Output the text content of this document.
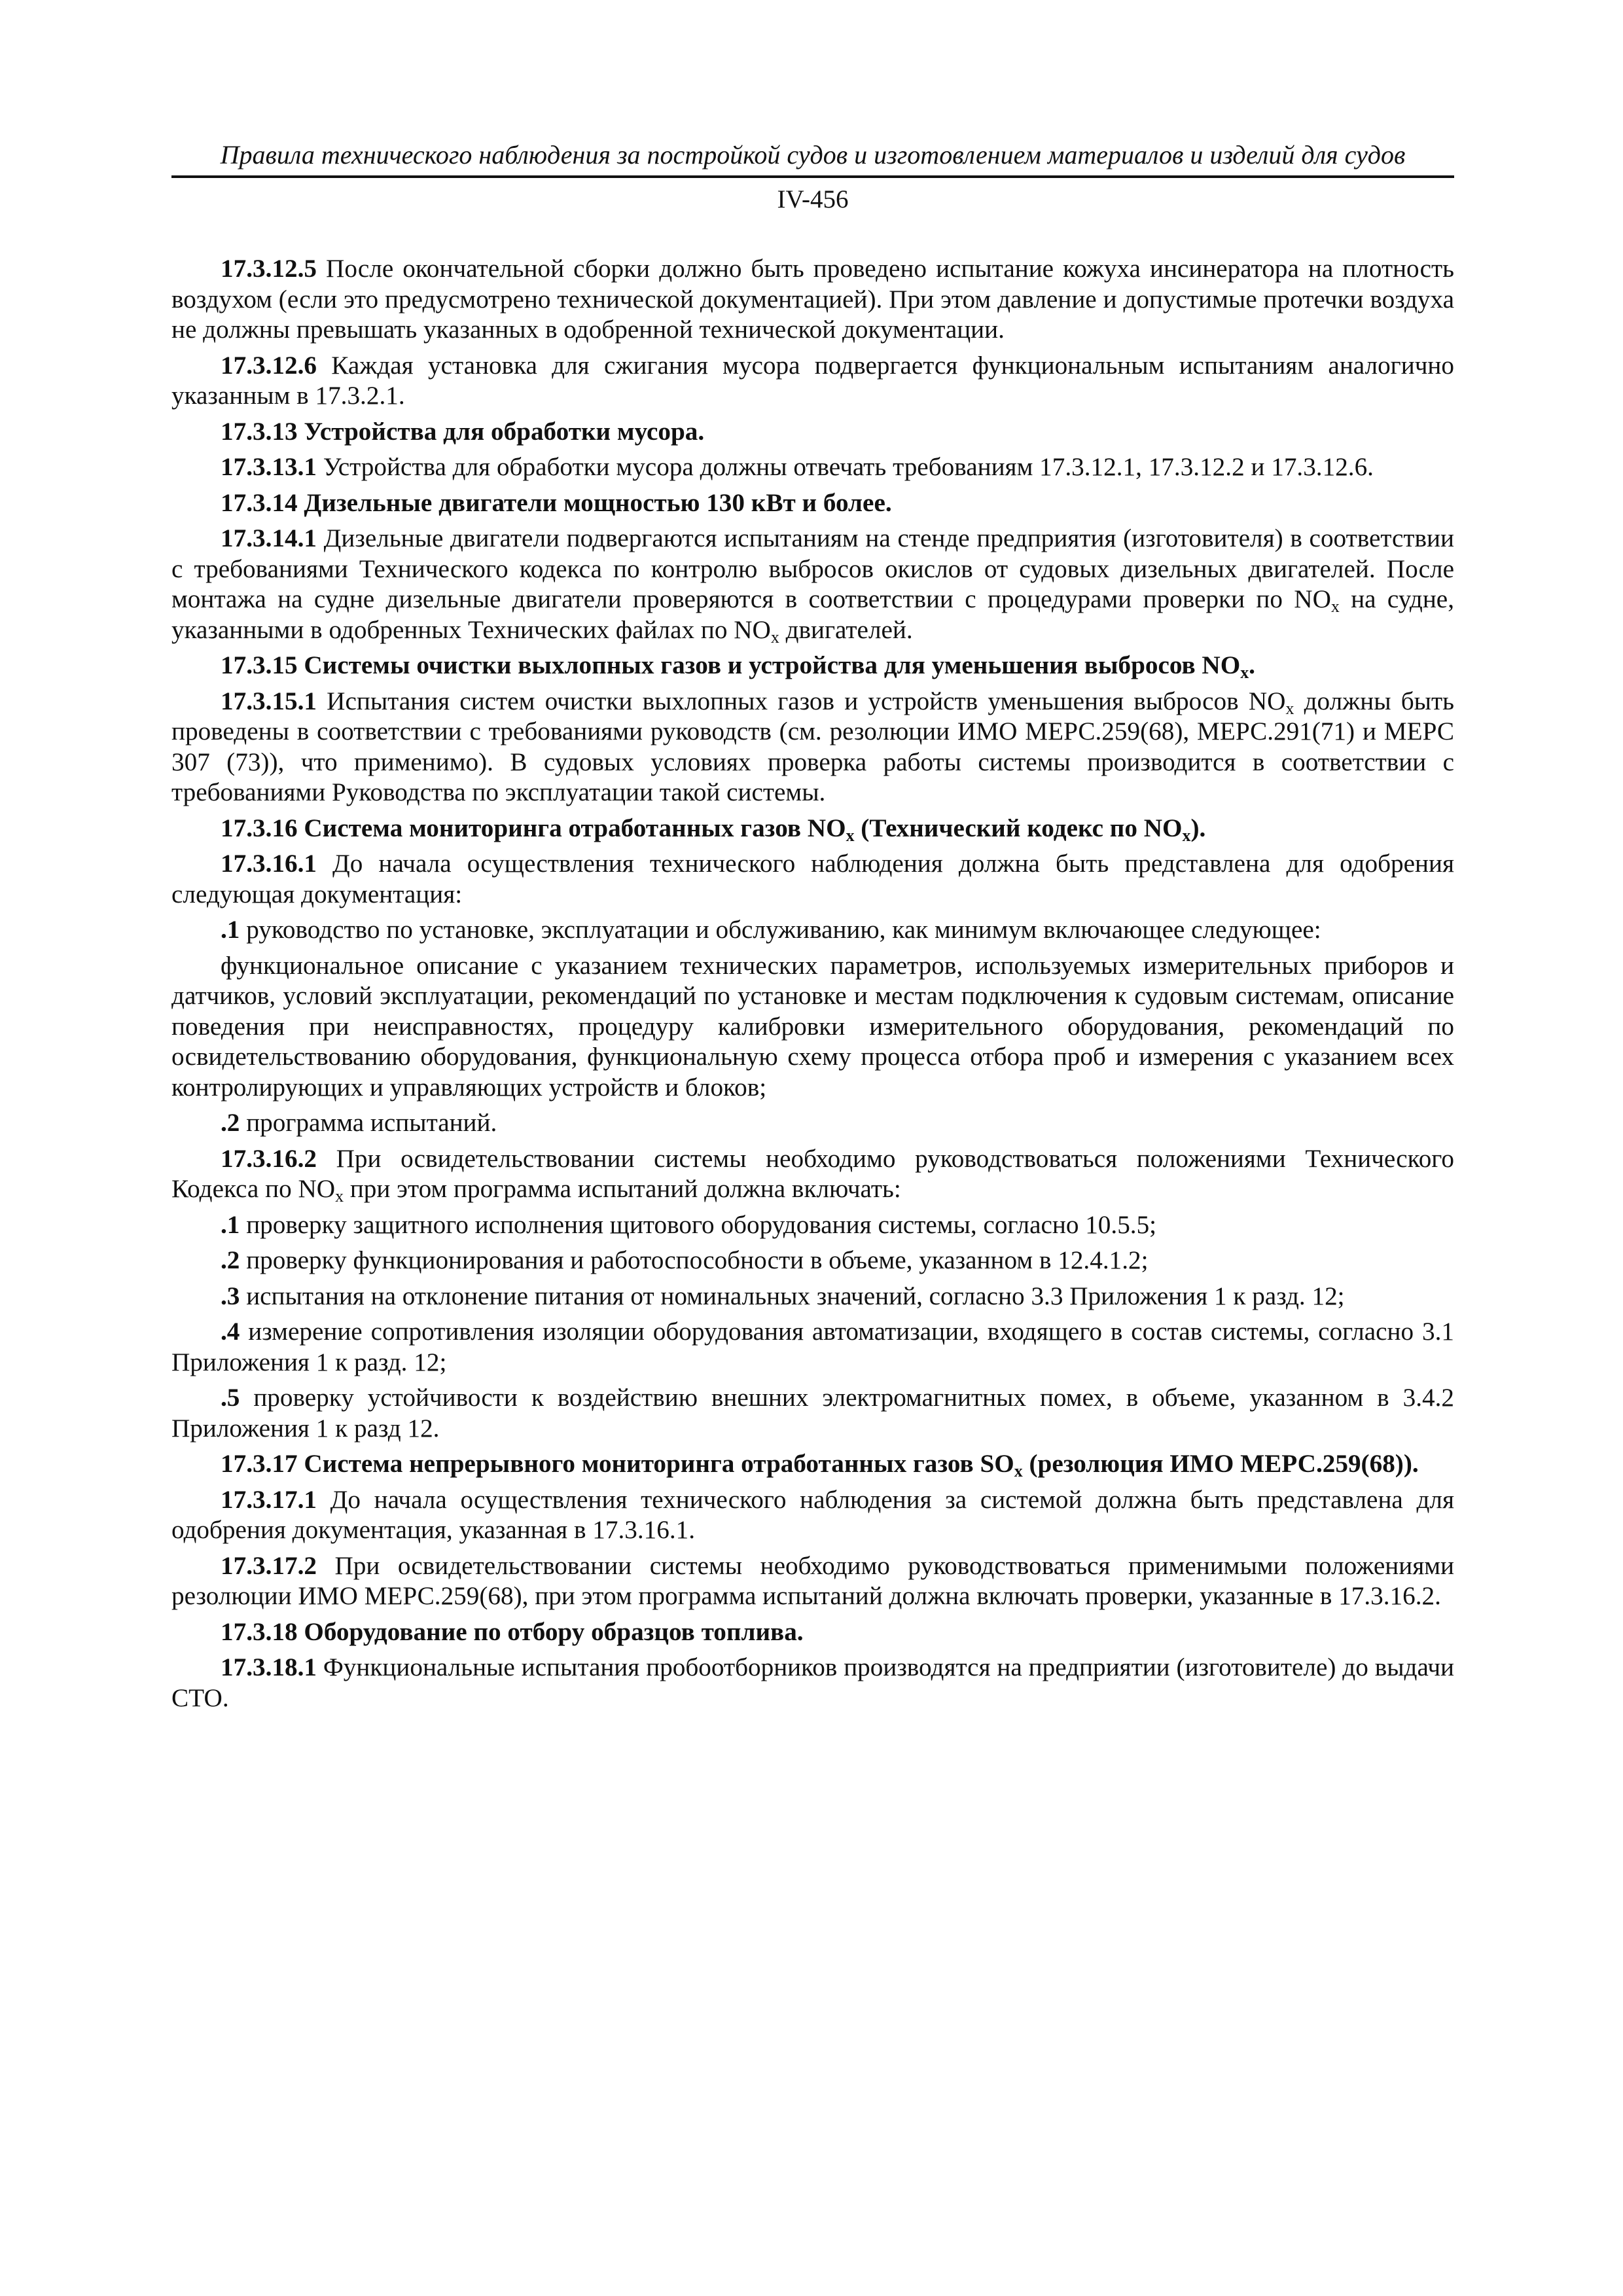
Правила технического наблюдения за постройкой судов и изготовлением материалов и изделий для судов
IV-456

17.3.12.5 После окончательной сборки должно быть проведено испытание кожуха инсинератора на плотность воздухом (если это предусмотрено технической документацией). При этом давление и допустимые протечки воздуха не должны превышать указанных в одобренной технической документации.

17.3.12.6 Каждая установка для сжигания мусора подвергается функциональным испытаниям аналогично указанным в 17.3.2.1.

17.3.13 Устройства для обработки мусора.

17.3.13.1 Устройства для обработки мусора должны отвечать требованиям 17.3.12.1, 17.3.12.2 и 17.3.12.6.

17.3.14 Дизельные двигатели мощностью 130 кВт и более.

17.3.14.1 Дизельные двигатели подвергаются испытаниям на стенде предприятия (изготовителя) в соответствии с требованиями Технического кодекса по контролю выбросов окислов от судовых дизельных двигателей. После монтажа на судне дизельные двигатели проверяются в соответствии с процедурами проверки по $NO_x$ на судне, указанными в одобренных Технических файлах по $NO_x$ двигателей.

17.3.15 Системы очистки выхлопных газов и устройства для уменьшения выбросов $NO_x$.

17.3.15.1 Испытания систем очистки выхлопных газов и устройств уменьшения выбросов $NO_x$ должны быть проведены в соответствии с требованиями руководств (см. резолюции ИМО МЕРС.259(68), МЕРС.291(71) и МЕРС 307 (73)), что применимо). В судовых условиях проверка работы системы производится в соответствии с требованиями Руководства по эксплуатации такой системы.

17.3.16 Система мониторинга отработанных газов $NO_x$ (Технический кодекс по $NO_x$).

17.3.16.1 До начала осуществления технического наблюдения должна быть представлена для одобрения следующая документация:

.1 руководство по установке, эксплуатации и обслуживанию, как минимум включающее следующее:

функциональное описание с указанием технических параметров, используемых измерительных приборов и датчиков, условий эксплуатации, рекомендаций по установке и местам подключения к судовым системам, описание поведения при неисправностях, процедуру калибровки измерительного оборудования, рекомендаций по освидетельствованию оборудования, функциональную схему процесса отбора проб и измерения с указанием всех контролирующих и управляющих устройств и блоков;

.2 программа испытаний.

17.3.16.2 При освидетельствовании системы необходимо руководствоваться положениями Технического Кодекса по $NO_x$ при этом программа испытаний должна включать:

.1 проверку защитного исполнения щитового оборудования системы, согласно 10.5.5;

.2 проверку функционирования и работоспособности в объеме, указанном в 12.4.1.2;

.3 испытания на отклонение питания от номинальных значений, согласно 3.3 Приложения 1 к разд. 12;

.4 измерение сопротивления изоляции оборудования автоматизации, входящего в состав системы, согласно 3.1 Приложения 1 к разд. 12;

.5 проверку устойчивости к воздействию внешних электромагнитных помех, в объеме, указанном в 3.4.2 Приложения 1 к разд 12.

17.3.17 Система непрерывного мониторинга отработанных газов $SO_x$ (резолюция ИМО МЕРС.259(68)).

17.3.17.1 До начала осуществления технического наблюдения за системой должна быть представлена для одобрения документация, указанная в 17.3.16.1.

17.3.17.2 При освидетельствовании системы необходимо руководствоваться применимыми положениями резолюции ИМО МЕРС.259(68), при этом программа испытаний должна включать проверки, указанные в 17.3.16.2.

17.3.18 Оборудование по отбору образцов топлива.

17.3.18.1 Функциональные испытания пробоотборников производятся на предприятии (изготовителе) до выдачи СТО.
